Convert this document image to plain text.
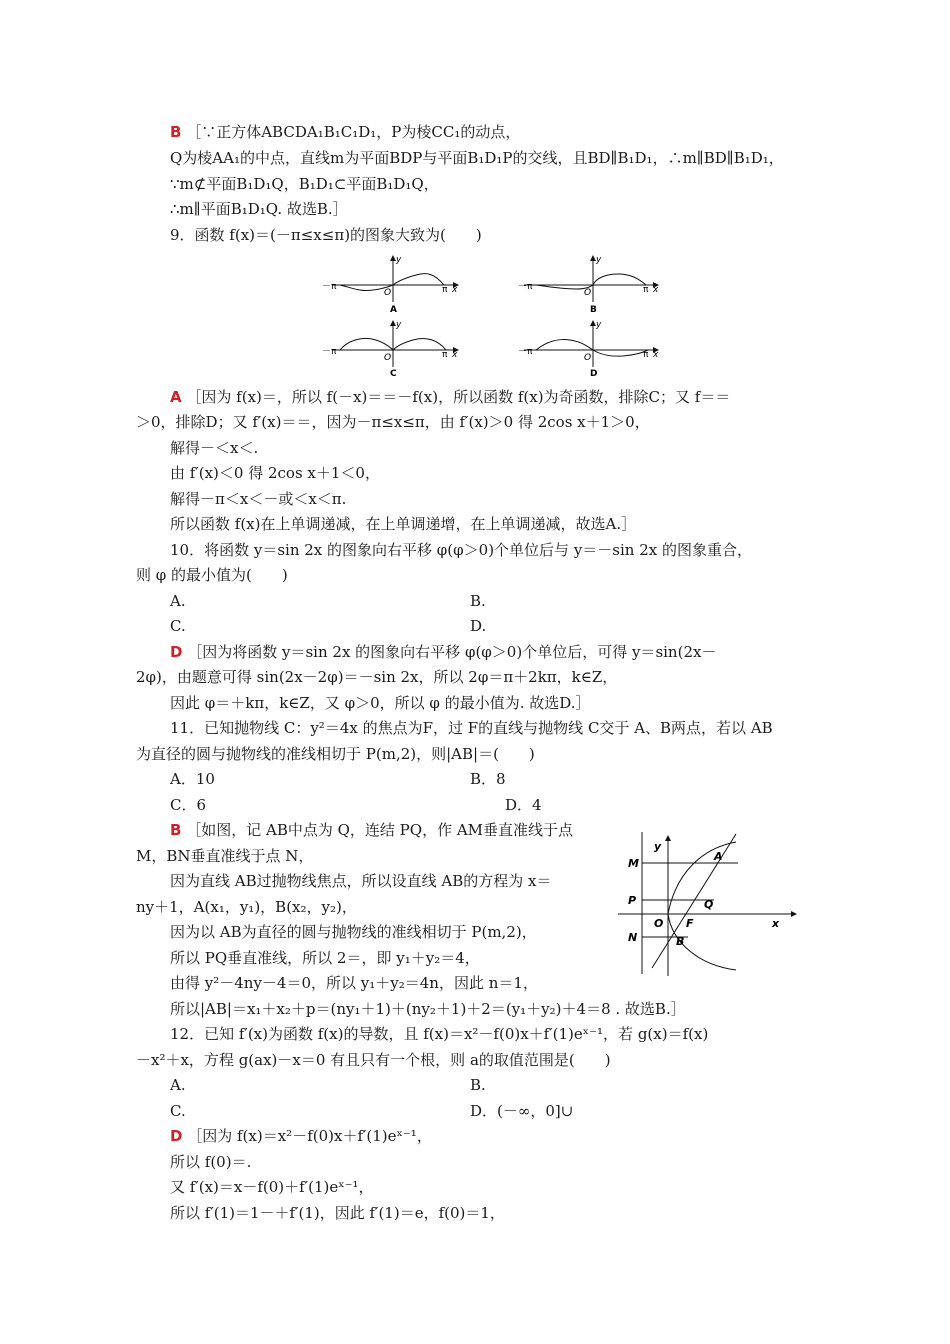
B ［∵正方体ABCDA₁B₁C₁D₁，P为棱CC₁的动点，
Q为棱AA₁的中点，直线m为平面BDP与平面B₁D₁P的交线，且BD∥B₁D₁，∴m∥BD∥B₁D₁，
∵m⊄平面B₁D₁Q，B₁D₁⊂平面B₁D₁Q，
∴m∥平面B₁D₁Q. 故选B.］
9．函数 f(x)＝(－π≤x≤π)的图象大致为(　　)
－π	π x
y
O
A
－π	π x
y
O
B
－π	π x
y
O
C
－π	π x
y
O
D
A ［因为 f(x)＝，所以 f(－x)＝＝－f(x)，所以函数 f(x)为奇函数，排除C；又 f＝＝
＞0，排除D；又 f′(x)＝＝，因为－π≤x≤π，由 f′(x)＞0 得 2cos x＋1＞0，
解得－＜x＜.
由 f′(x)＜0 得 2cos x＋1＜0，
解得－π＜x＜－或＜x＜π.
所以函数 f(x)在上单调递减，在上单调递增，在上单调递减，故选A.］
10．将函数 y＝sin 2x 的图象向右平移 φ(φ＞0)个单位后与 y＝－sin 2x 的图象重合，
则 φ 的最小值为(　　)
A.	B.
C.	D.
D ［因为将函数 y＝sin 2x 的图象向右平移 φ(φ＞0)个单位后，可得 y＝sin(2x－
2φ)，由题意可得 sin(2x－2φ)＝－sin 2x，所以 2φ＝π＋2kπ，k∈Z，
因此 φ＝＋kπ，k∈Z，又 φ＞0，所以 φ 的最小值为. 故选D.］
11．已知抛物线 C：y²＝4x 的焦点为F，过 F的直线与抛物线 C交于 A、B两点，若以 AB
为直径的圆与抛物线的准线相切于 P(m,2)，则|AB|＝(　　)
A．10	B．8
C．6	D．4
B ［如图，记 AB中点为 Q，连结 PQ，作 AM垂直准线于点
M，BN垂直准线于点 N，
因为直线 AB过抛物线焦点，所以设直线 AB的方程为 x＝
ny＋1，A(x₁，y₁)，B(x₂，y₂)，
因为以 AB为直径的圆与抛物线的准线相切于 P(m,2)，
所以 PQ垂直准线，所以 2＝，即 y₁＋y₂＝4，
由得 y²－4ny－4＝0，所以 y₁＋y₂＝4n，因此 n＝1，
所以|AB|＝x₁＋x₂＋p＝(ny₁＋1)＋(ny₂＋1)＋2＝(y₁＋y₂)＋4＝8 . 故选B.］
M
P
N
A
Q
F
B
O	x
y
12．已知 f′(x)为函数 f(x)的导数，且 f(x)＝x²－f(0)x＋f′(1)eˣ⁻¹，若 g(x)＝f(x)
－x²＋x，方程 g(ax)－x＝0 有且只有一个根，则 a的取值范围是(　　)
A.	B.
C.	D．(－∞，0]∪
D ［因为 f(x)＝x²－f(0)x＋f′(1)eˣ⁻¹，
所以 f(0)＝.
又 f′(x)＝x－f(0)＋f′(1)eˣ⁻¹，
所以 f′(1)＝1－＋f′(1)，因此 f′(1)＝e，f(0)＝1，
